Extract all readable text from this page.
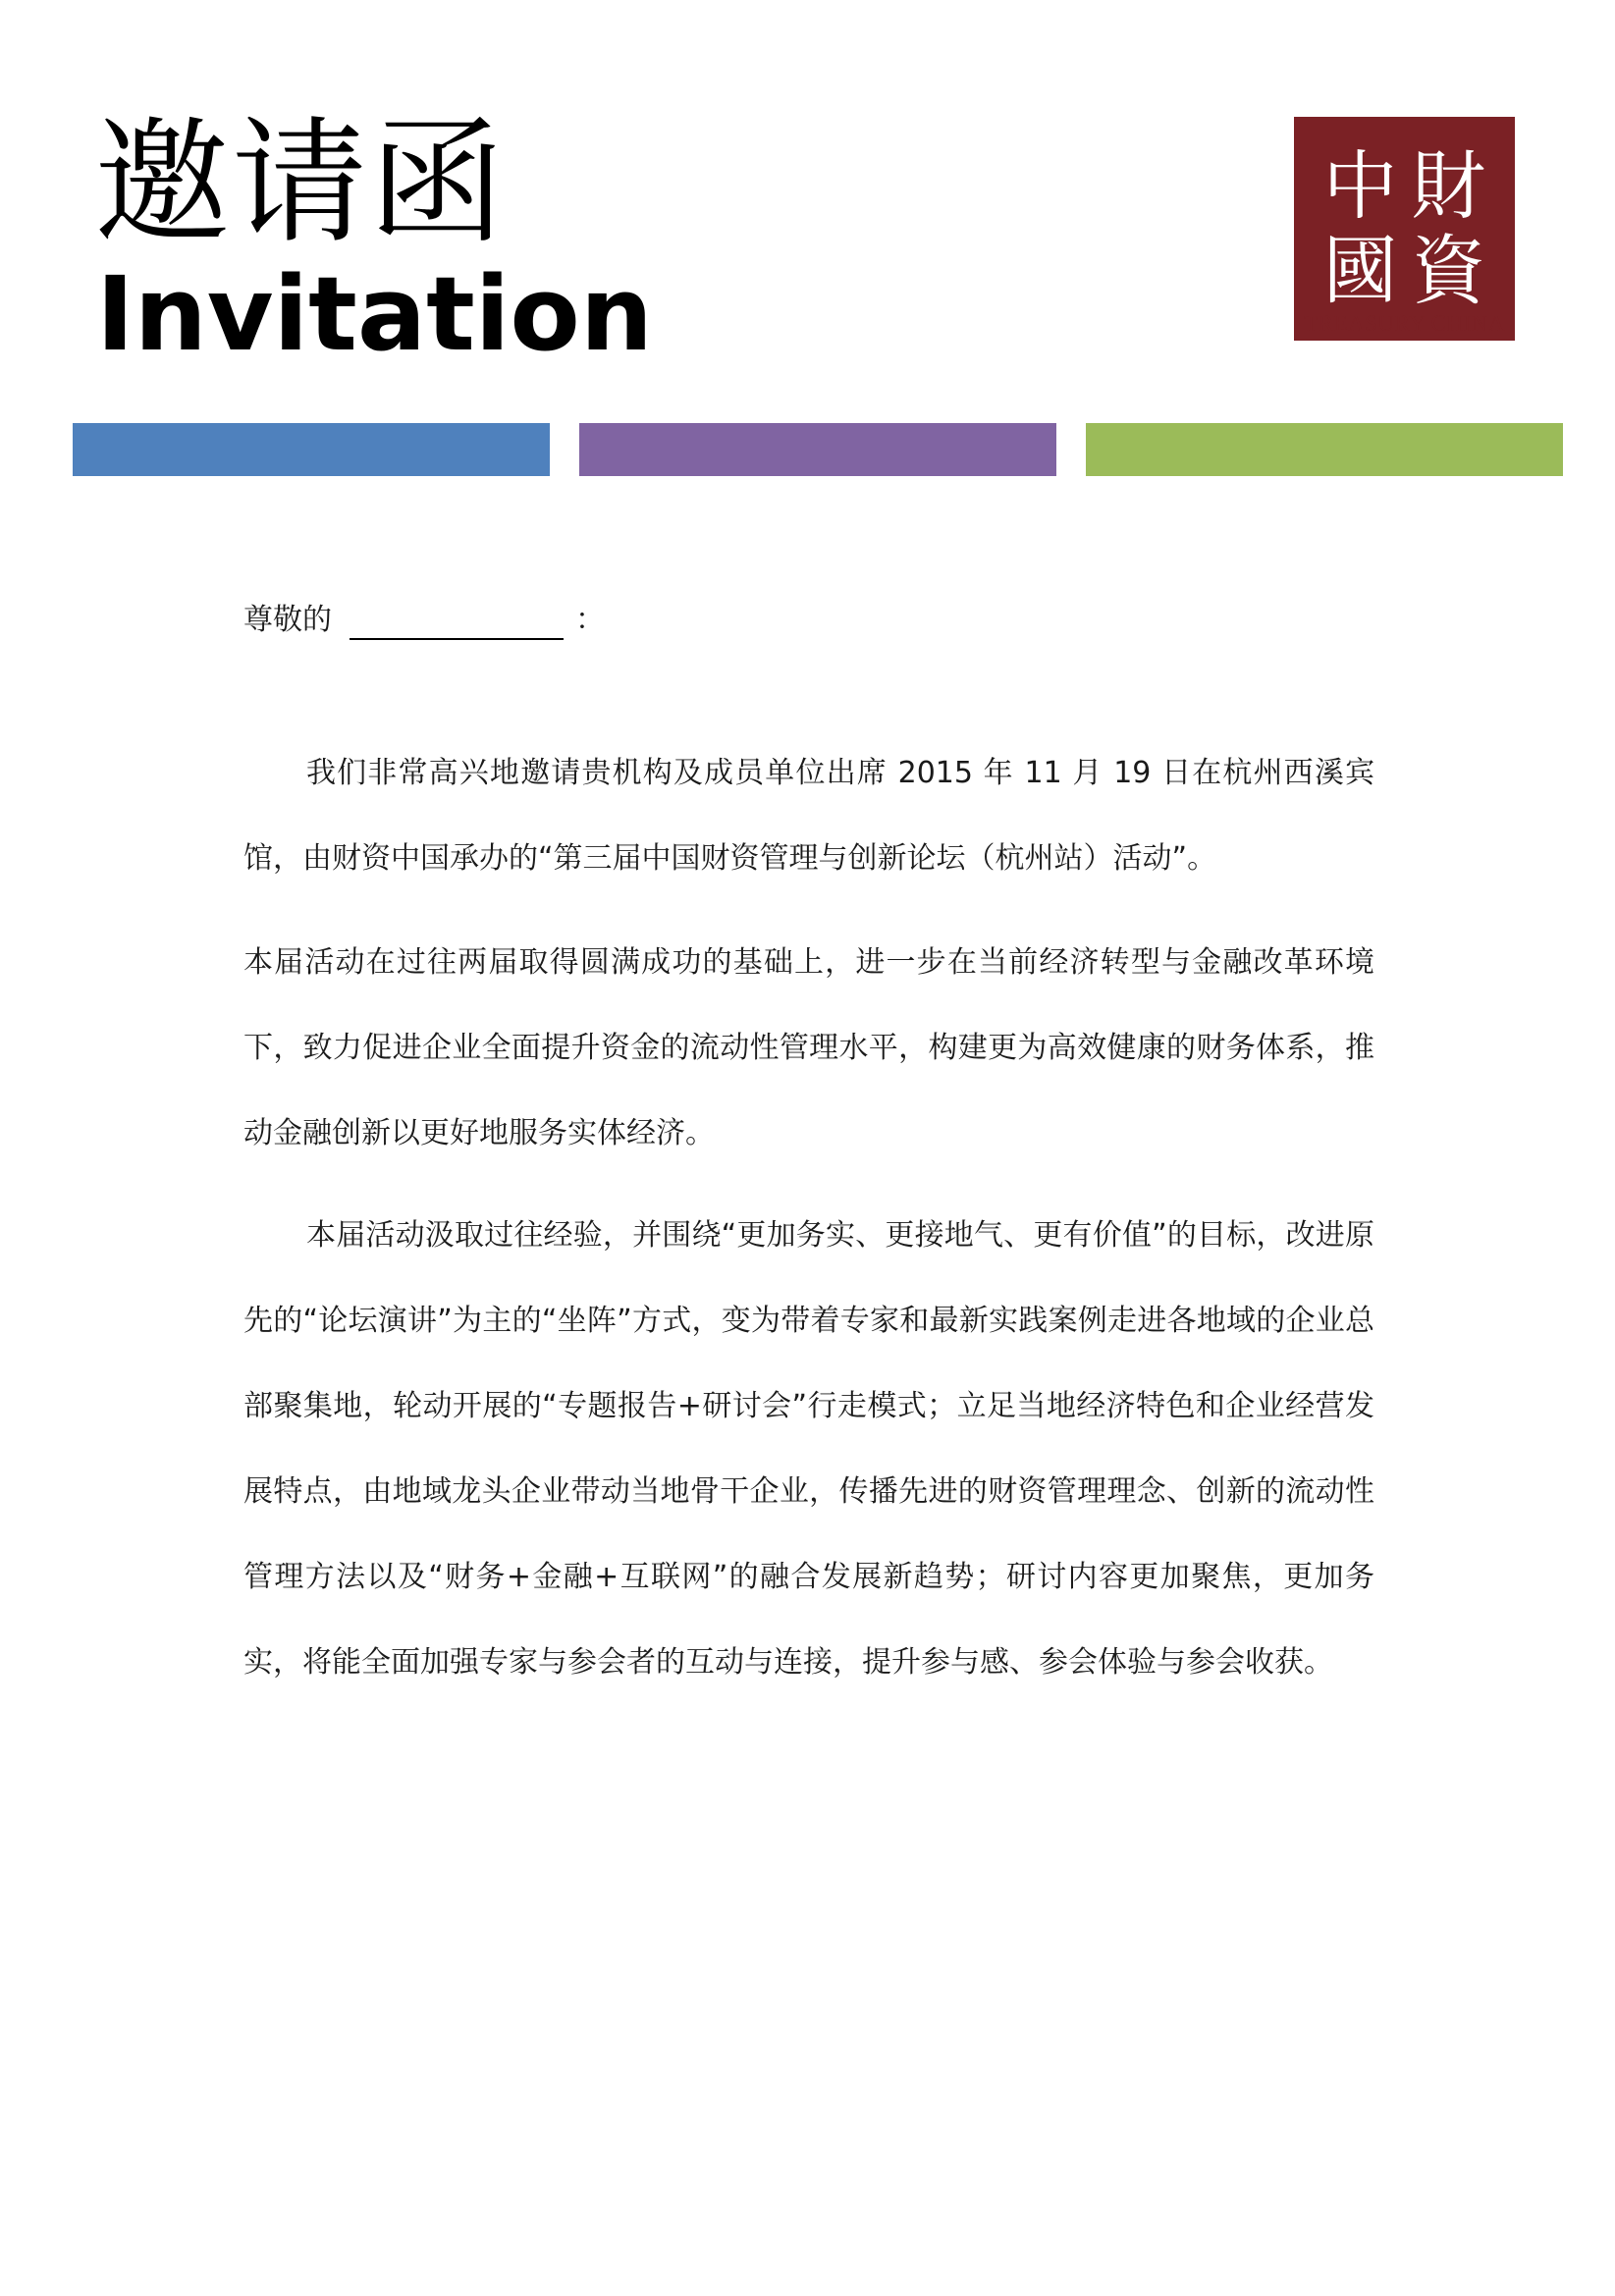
邀请函
Invitation
中 財
國 資
TREASURY CHINA
尊敬的	：

我们非常高兴地邀请贵机构及成员单位出席 2015 年 11 月 19 日在杭州西溪宾馆，由财资中国承办的“第三届中国财资管理与创新论坛（杭州站）活动”。

本届活动在过往两届取得圆满成功的基础上，进一步在当前经济转型与金融改革环境下，致力促进企业全面提升资金的流动性管理水平，构建更为高效健康的财务体系，推动金融创新以更好地服务实体经济。

本届活动汲取过往经验，并围绕“更加务实、更接地气、更有价值”的目标，改进原先的“论坛演讲”为主的“坐阵”方式，变为带着专家和最新实践案例走进各地域的企业总部聚集地，轮动开展的“专题报告+研讨会”行走模式；立足当地经济特色和企业经营发展特点，由地域龙头企业带动当地骨干企业，传播先进的财资管理理念、创新的流动性管理方法以及“财务+金融+互联网”的融合发展新趋势；研讨内容更加聚焦，更加务实，将能全面加强专家与参会者的互动与连接，提升参与感、参会体验与参会收获。
